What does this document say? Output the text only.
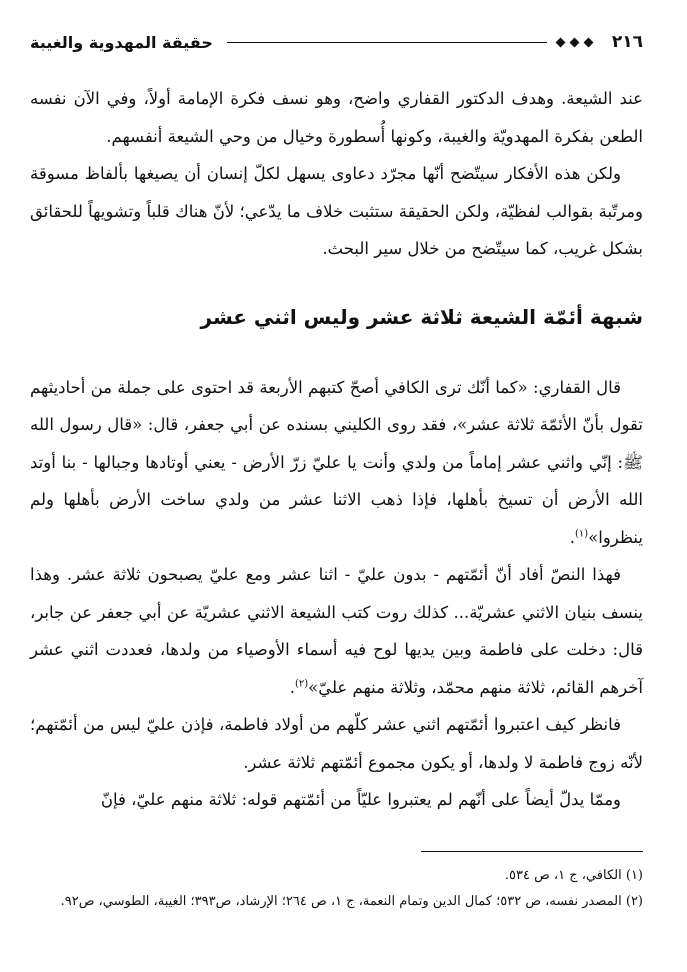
٢١٦
حقيقة المهدوية والغيبة

عند الشيعة. وهدف الدكتور القفاري واضح، وهو نسف فكرة الإمامة أولاً، وفي الآن نفسه الطعن بفكرة المهدويّة والغيبة، وكونها أُسطورة وخيال من وحي الشيعة أنفسهم.

ولكن هذه الأفكار سيتّضح أنّها مجرّد دعاوى يسهل لكلّ إنسان أن يصيغها بألفاظ مسوقة ومرتّبة بقوالب لفظيّة، ولكن الحقيقة ستثبت خلاف ما يدّعي؛ لأنّ هناك قلباً وتشويهاً للحقائق بشكل غريب، كما سيتّضح من خلال سير البحث.

شبهة أئمّة الشيعة ثلاثة عشر وليس اثني عشر

قال القفاري: «كما أنّك ترى الكافي أصحّ كتبهم الأربعة قد احتوى على جملة من أحاديثهم تقول بأنّ الأئمّة ثلاثة عشر»، فقد روى الكليني بسنده عن أبي جعفر، قال: «قال رسول الله ﷺ: إنّي واثني عشر إماماً من ولدي وأنت يا عليّ زرّ الأرض - يعني أوتادها وجبالها - بنا أوتد الله الأرض أن تسيخ بأهلها، فإذا ذهب الاثنا عشر من ولدي ساخت الأرض بأهلها ولم ينظروا»$^{(١)}$.

فهذا النصّ أفاد أنّ أئمّتهم - بدون عليّ - اثنا عشر ومع عليّ يصبحون ثلاثة عشر. وهذا ينسف بنيان الاثني عشريّة... كذلك روت كتب الشيعة الاثني عشريّة عن أبي جعفر عن جابر، قال: دخلت على فاطمة وبين يديها لوح فيه أسماء الأوصياء من ولدها، فعددت اثني عشر آخرهم القائم، ثلاثة منهم محمّد، وثلاثة منهم عليّ»$^{(٢)}$.

فانظر كيف اعتبروا أئمّتهم اثني عشر كلّهم من أولاد فاطمة، فإذن عليّ ليس من أئمّتهم؛ لأنّه زوج فاطمة لا ولدها، أو يكون مجموع أئمّتهم ثلاثة عشر.

وممّا يدلّ أيضاً على أنّهم لم يعتبروا عليّاً من أئمّتهم قوله: ثلاثة منهم عليّ، فإنّ

(١) الكافي، ج ١، ص ٥٣٤.

(٢) المصدر نفسه، ص ٥٣٢؛ كمال الدين وتمام النعمة، ج ١، ص ٢٦٤؛ الإرشاد، ص٣٩٣؛ الغيبة، الطوسي، ص٩٢.
